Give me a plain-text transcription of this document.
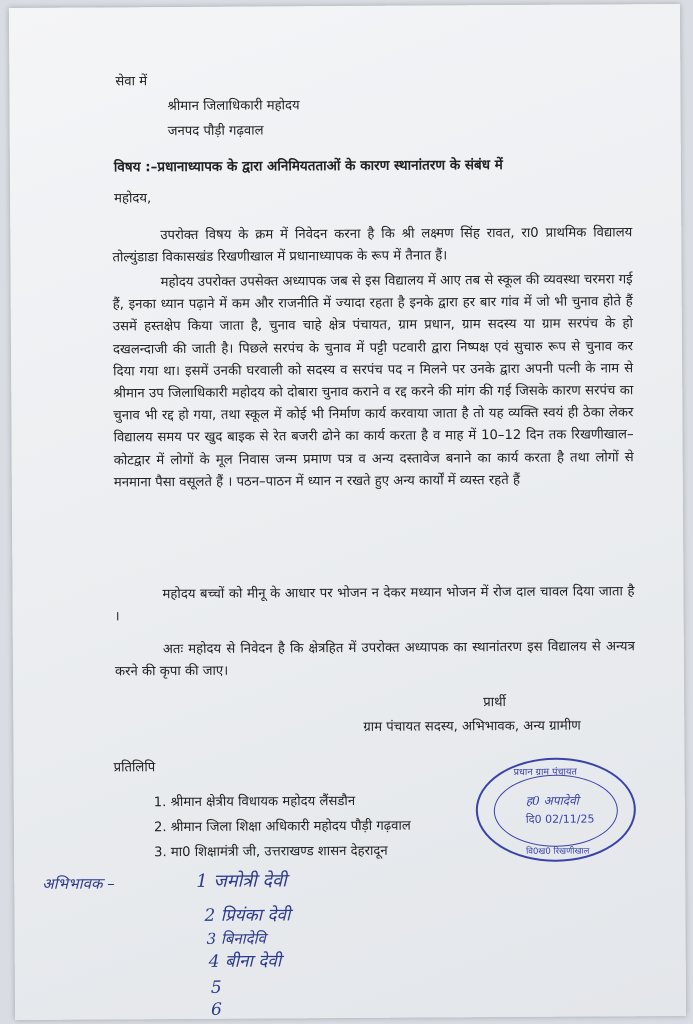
सेवा में
श्रीमान जिलाधिकारी महोदय
जनपद पौड़ी गढ़वाल
विषय :–प्रधानाध्यापक के द्वारा अनिमियतताओं के कारण स्थानांतरण के संबंध में
महोदय,
उपरोक्त विषय के क्रम में निवेदन करना है कि श्री लक्ष्मण सिंह रावत, रा0 प्राथमिक विद्यालय तोल्युंडाडा विकासखंड रिखणीखाल में प्रधानाध्यापक के रूप में तैनात हैं।
महोदय उपरोक्त उपसेक्त अध्यापक जब से इस विद्यालय में आए तब से स्कूल की व्यवस्था चरमरा गई हैं, इनका ध्यान पढ़ाने में कम और राजनीति में ज्यादा रहता है इनके द्वारा हर बार गांव में जो भी चुनाव होते हैं उसमें हस्तक्षेप किया जाता है, चुनाव चाहे क्षेत्र पंचायत, ग्राम प्रधान, ग्राम सदस्य या ग्राम सरपंच के हो दखलन्दाजी की जाती है। पिछले सरपंच के चुनाव में पट्टी पटवारी द्वारा निष्पक्ष एवं सुचारु रूप से चुनाव कर दिया गया था। इसमें उनकी घरवाली को सदस्य व सरपंच पद न मिलने पर उनके द्वारा अपनी पत्नी के नाम से श्रीमान उप जिलाधिकारी महोदय को दोबारा चुनाव कराने व रद्द करने की मांग की गई जिसके कारण सरपंच का चुनाव भी रद्द हो गया, तथा स्कूल में कोई भी निर्माण कार्य करवाया जाता है तो यह व्यक्ति स्वयं ही ठेका लेकर विद्यालय समय पर खुद बाइक से रेत बजरी ढोने का कार्य करता है व माह में 10–12 दिन तक रिखणीखाल–कोटद्वार में लोगों के मूल निवास जन्म प्रमाण पत्र व अन्य दस्तावेज बनाने का कार्य करता है तथा लोगों से मनमाना पैसा वसूलते हैं । पठन–पाठन में ध्यान न रखते हुए अन्य कार्यों में व्यस्त रहते हैं
महोदय बच्चों को मीनू के आधार पर भोजन न देकर मध्यान भोजन में रोज दाल चावल दिया जाता है ।
अतः महोदय से निवेदन है कि क्षेत्रहित में उपरोक्त अध्यापक का स्थानांतरण इस विद्यालय से अन्यत्र करने की कृपा की जाए।
प्रार्थी
ग्राम पंचायत सदस्य, अभिभावक, अन्य ग्रामीण
प्रतिलिपि
1. श्रीमान क्षेत्रीय विधायक महोदय लैंसडौन
2. श्रीमान जिला शिक्षा अधिकारी महोदय पौड़ी गढ़वाल
3. मा0 शिक्षामंत्री जी, उत्तराखण्ड शासन देहरादून
प्रधान ग्राम पंचायत
ह0 अपादेवी
दि0 02/11/25
वि0ख0 रिखणीखाल
अभिभावक –	1 जमोत्री देवी
2 प्रियंका देवी
3 बिनादेवि
4 बीना देवी
5
6
